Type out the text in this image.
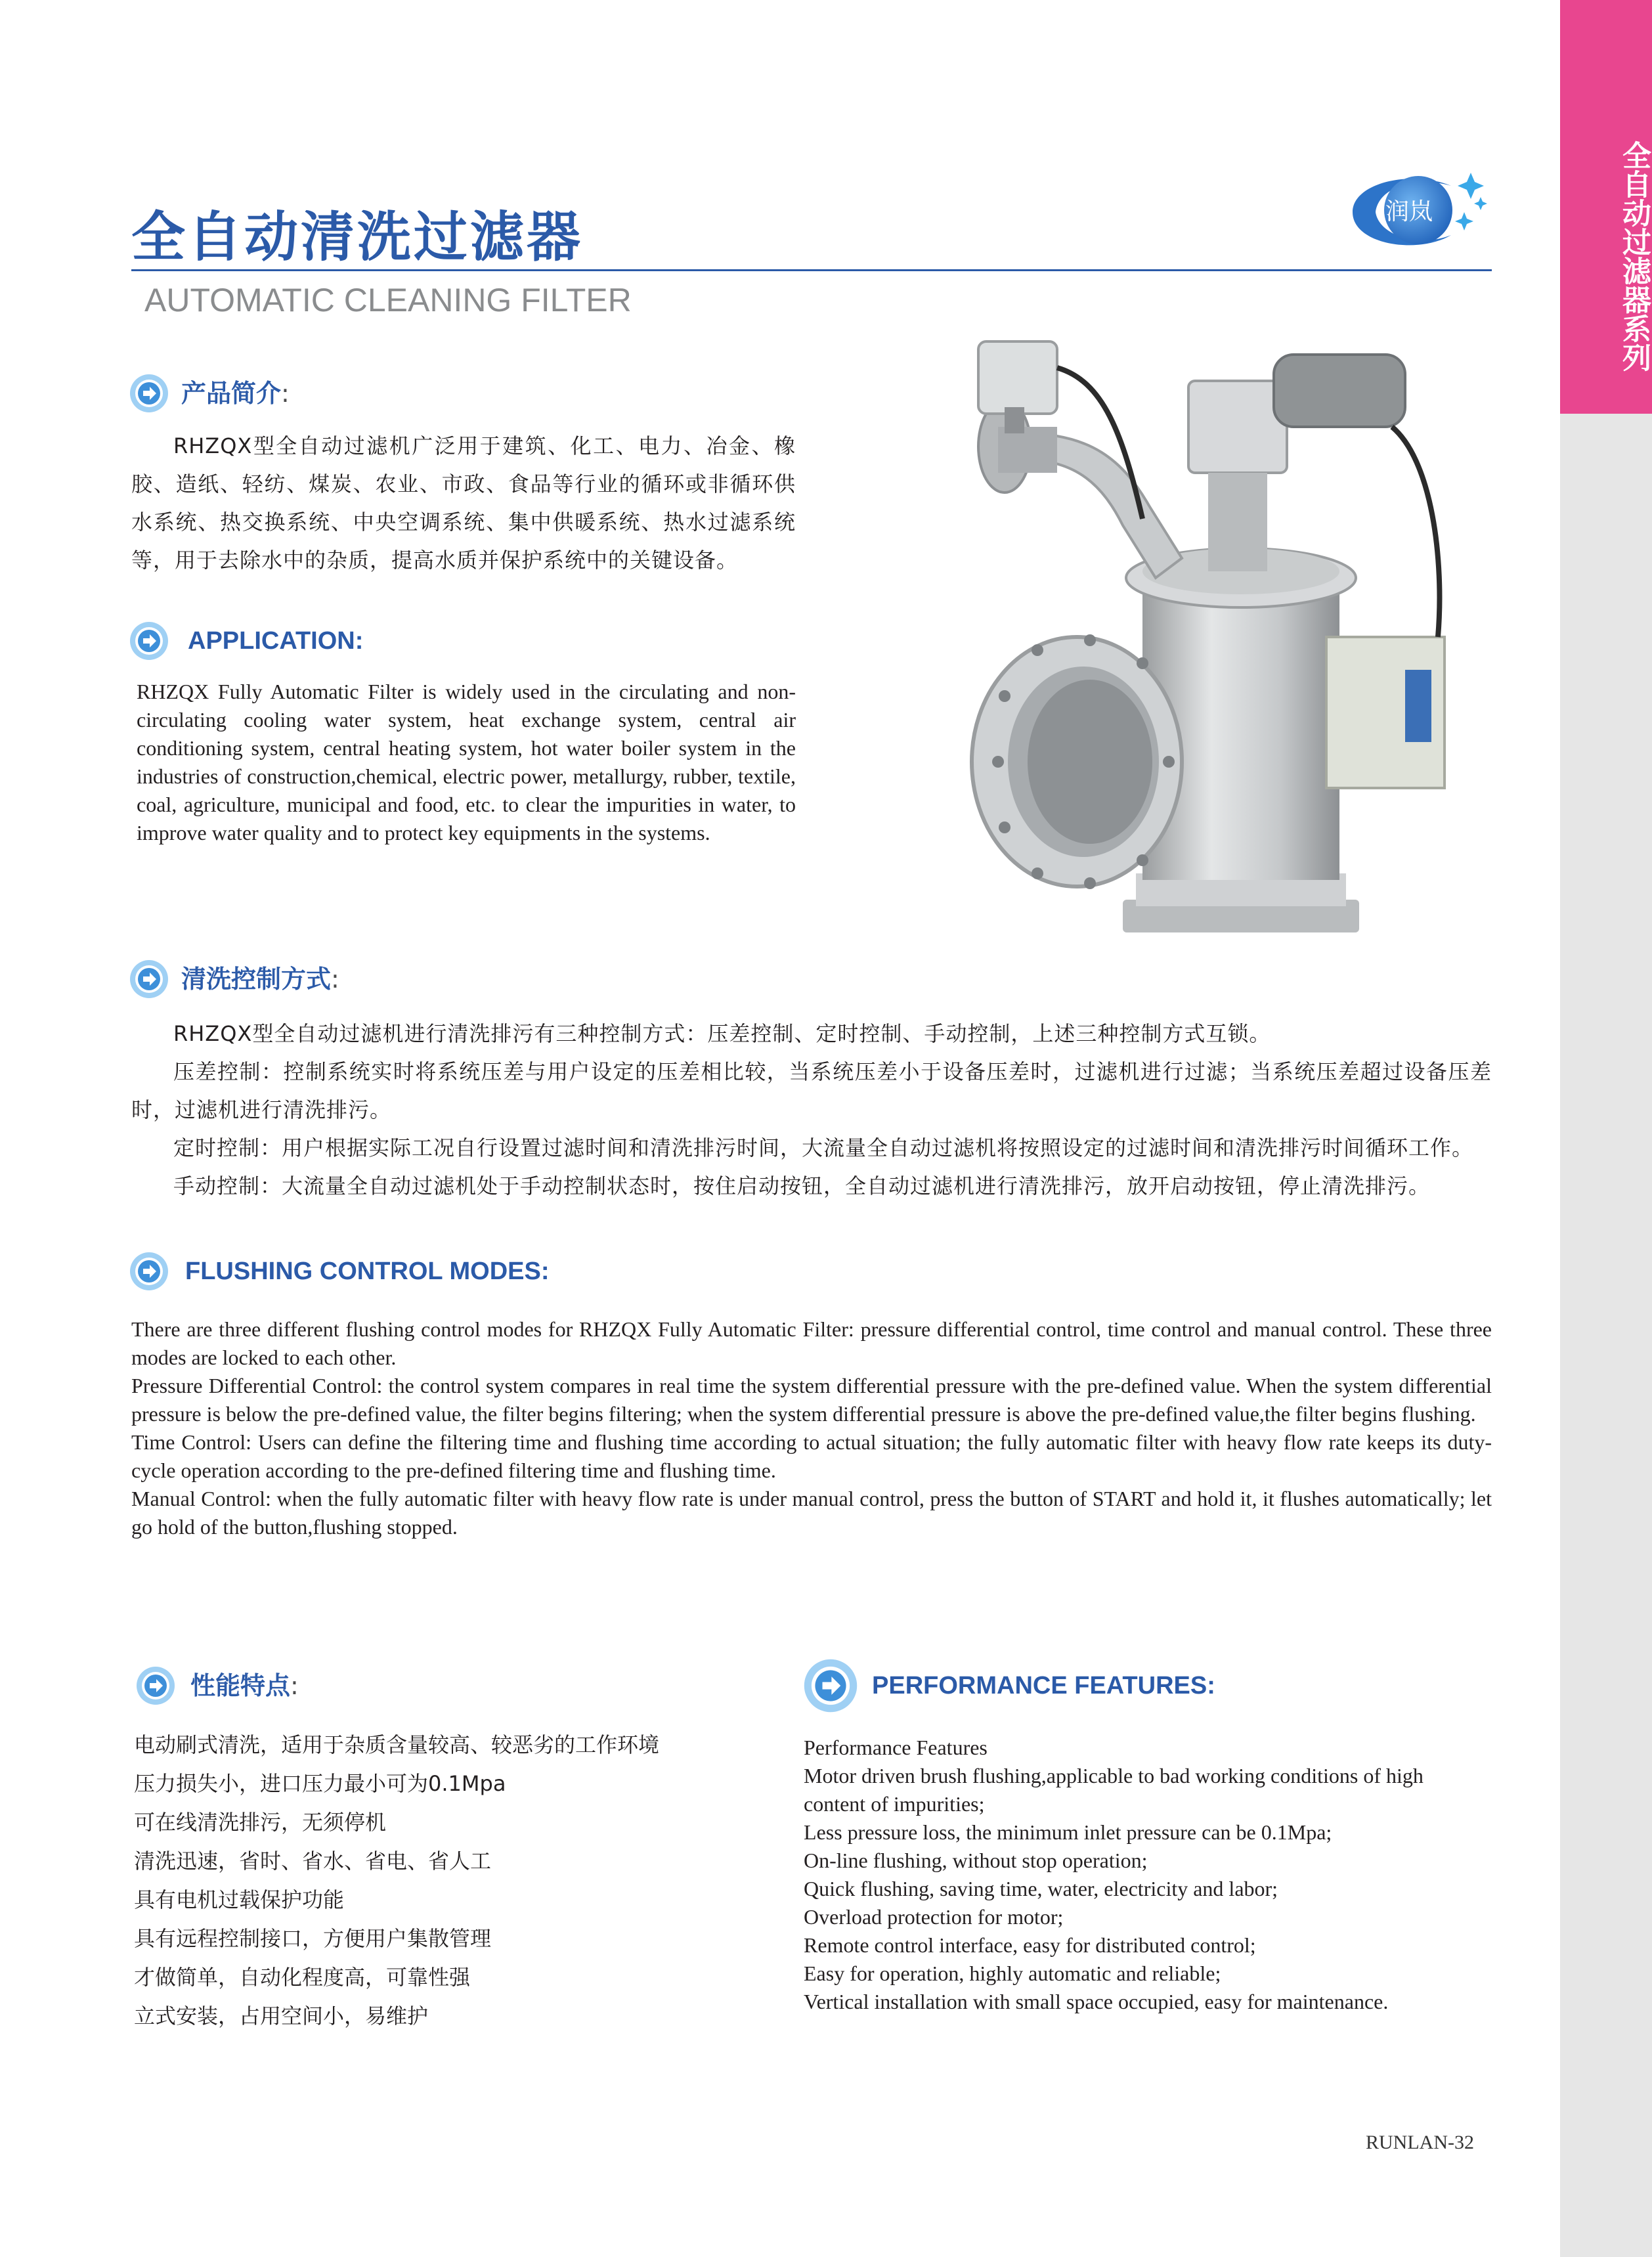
全自动过滤器系列
全自动清洗过滤器
AUTOMATIC CLEANING FILTER
润岚
产品简介:
RHZQX型全自动过滤机广泛用于建筑、化工、电力、冶金、橡胶、造纸、轻纺、煤炭、农业、市政、食品等行业的循环或非循环供水系统、热交换系统、中央空调系统、集中供暖系统、热水过滤系统等，用于去除水中的杂质，提高水质并保护系统中的关键设备。
APPLICATION:
RHZQX Fully Automatic Filter is widely used in the circulating and non-circulating cooling water system, heat exchange system, central air conditioning system, central heating system, hot water boiler system in the industries of construction,chemical, electric power, metallurgy, rubber, textile, coal, agriculture, municipal and food, etc. to clear the impurities in water, to improve water quality and to protect key equipments in the systems.
清洗控制方式:

RHZQX型全自动过滤机进行清洗排污有三种控制方式：压差控制、定时控制、手动控制，上述三种控制方式互锁。

压差控制：控制系统实时将系统压差与用户设定的压差相比较，当系统压差小于设备压差时，过滤机进行过滤；当系统压差超过设备压差时，过滤机进行清洗排污。

定时控制：用户根据实际工况自行设置过滤时间和清洗排污时间，大流量全自动过滤机将按照设定的过滤时间和清洗排污时间循环工作。

手动控制：大流量全自动过滤机处于手动控制状态时，按住启动按钮，全自动过滤机进行清洗排污，放开启动按钮，停止清洗排污。

FLUSHING CONTROL MODES:

There are three different flushing control modes for RHZQX Fully Automatic Filter: pressure differential control, time control and manual control. These three modes are locked to each other.

Pressure Differential Control: the control system compares in real time the system differential pressure with the pre-defined value. When the system differential pressure is below the pre-defined value, the filter begins filtering; when the system differential pressure is above the pre-defined value,the filter begins flushing.

Time Control: Users can define the filtering time and flushing time according to actual situation; the fully automatic filter with heavy flow rate keeps its duty-cycle operation according to the pre-defined filtering time and flushing time.

Manual Control: when the fully automatic filter with heavy flow rate is under manual control, press the button of START and hold it, it flushes automatically; let go hold of the button,flushing stopped.

性能特点:
电动刷式清洗，适用于杂质含量较高、较恶劣的工作环境
压力损失小，进口压力最小可为0.1Mpa
可在线清洗排污，无须停机
清洗迅速，省时、省水、省电、省人工
具有电机过载保护功能
具有远程控制接口，方便用户集散管理
才做简单，自动化程度高，可靠性强
立式安装，占用空间小，易维护
PERFORMANCE FEATURES:
Performance Features
Motor driven brush flushing,applicable to bad working conditions of high content of impurities;
Less pressure loss, the minimum inlet pressure can be 0.1Mpa;
On-line flushing, without stop operation;
Quick flushing, saving time, water, electricity and labor;
Overload protection for motor;
Remote control interface, easy for distributed control;
Easy for operation, highly automatic and reliable;
Vertical installation with small space occupied, easy for maintenance.
RUNLAN-32
